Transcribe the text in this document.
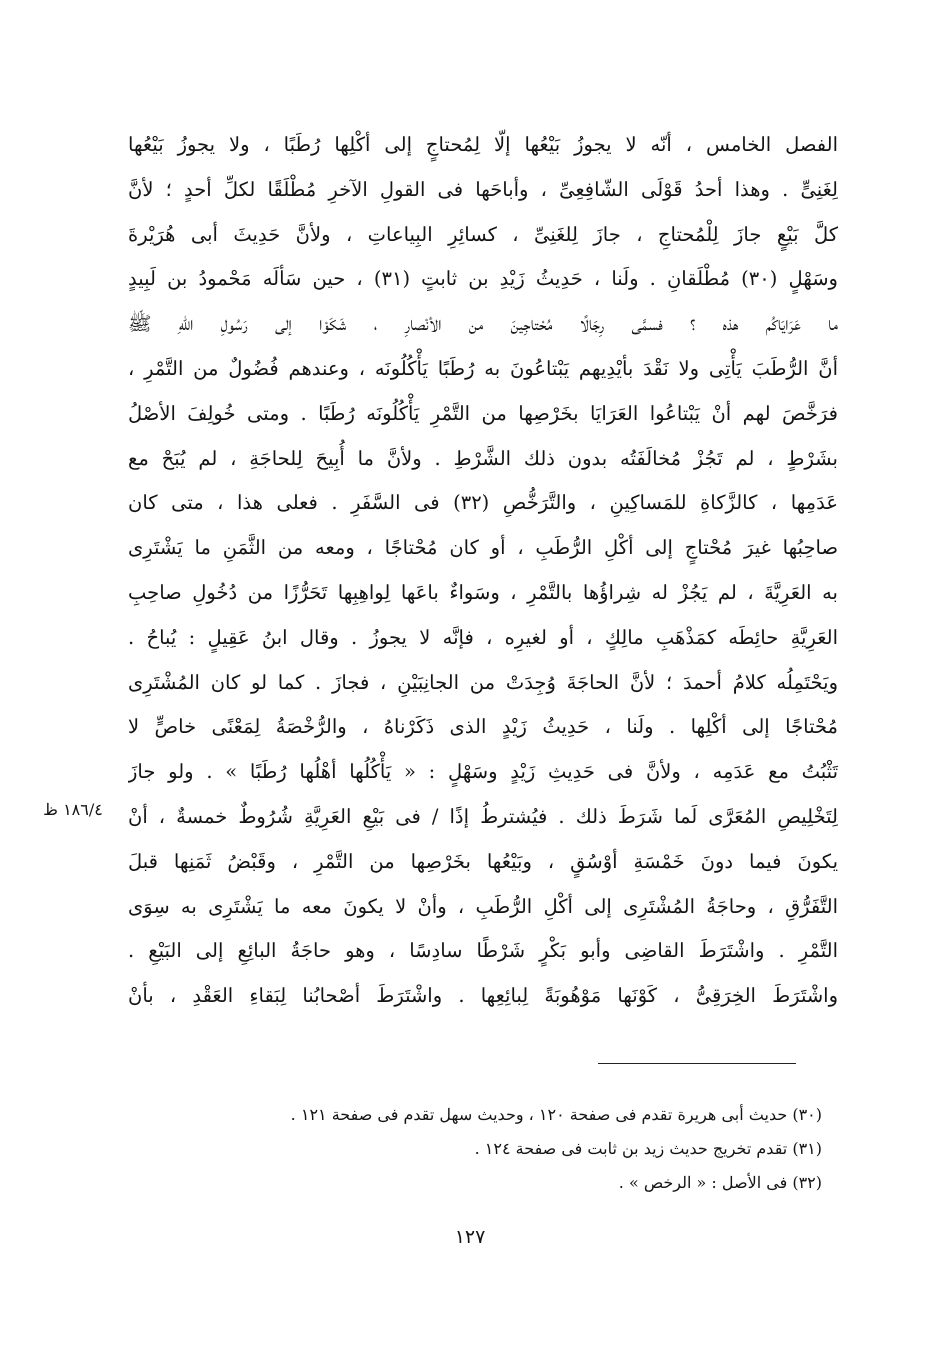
الفصل الخامس ، أنّه لا يجوزُ بَيْعُها إلّا لِمُحتاجٍ إلى أكْلِها رُطَبًا ، ولا يجوزُ بَيْعُها
لِغَنِىٍّ . وهذا أحدُ قَوْلَى الشّافِعِىِّ ، وأباحَها فى القولِ الآخرِ مُطْلَقًا لكلِّ أحدٍ ؛ لأنَّ
كلَّ بَيْعٍ جازَ لِلْمُحتاجِ ، جازَ لِلغَنِىِّ ، كسائِرِ البِياعاتِ ، ولأنَّ حَدِيثَ أبى هُرَيْرةَ
وسَهْلٍ (٣٠) مُطْلَقانِ . ولَنا ، حَدِيثُ زَيْدِ بن ثابتٍ (٣١) ، حين سَألَه مَحْمودُ بن لَبِيدٍ
ما عَرَايَاكُم هذه ؟ فسمَّى رِجَالًا مُحْتاجِينَ من الأنْصارِ ، شَكَوْا إلى رَسُولِ اللهِ ﷺ
أنَّ الرُّطَبَ يَأْتِى ولا نَقْدَ بأيْدِيهم يَبْتاعُونَ به رُطَبًا يَأْكُلُونَه ، وعندهم فُضُولٌ من التَّمْرِ ،
فرَخَّصَ لهم أنْ يَبْتاعُوا العَرَايَا بخَرْصِها من التَّمْرِ يَأْكُلُونَه رُطَبًا . ومتى خُولِفَ الأصْلُ
بشَرْطٍ ، لم تَجُزْ مُخالَفَتُه بدون ذلك الشَّرْطِ . ولأنَّ ما أُبِيحَ لِلحاجَةِ ، لم يُبَحْ مع
عَدَمِها ، كالزَّكاةِ للمَساكِينِ ، والتَّرَخُّصِ (٣٢) فى السَّفَرِ . فعلى هذا ، متى كان
صاحِبُها غيرَ مُحْتاجٍ إلى أكْلِ الرُّطَبِ ، أو كان مُحْتاجًا ، ومعه من الثَّمَنِ ما يَشْتَرِى
به العَرِيَّةَ ، لم يَجُزْ له شِراؤُها بالتَّمْرِ ، وسَواءٌ باعَها لِواهِبِها تَحَرُّزًا من دُخُولِ صاحِبِ
العَرِيَّةِ حائِطَه كمَذْهَبِ مالِكٍ ، أو لغيرِه ، فإنَّه لا يجوزُ . وقال ابنُ عَقِيلٍ : يُباحُ .
ويَحْتَمِلُه كلامُ أحمدَ ؛ لأنَّ الحاجَةَ وُجِدَتْ من الجانِبَيْنِ ، فجازَ . كما لو كان المُشْتَرِى
مُحْتاجًا إلى أكْلِها . ولَنا ، حَدِيثُ زَيْدٍ الذى ذَكَرْناهُ ، والرُّخْصَةُ لِمَعْنًى خاصٍّ لا
تَثْبُتُ مع عَدَمِه ، ولأنَّ فى حَدِيثِ زَيْدٍ وسَهْلٍ : « يَأْكُلُها أهْلُها رُطَبًا » . ولو جازَ
لِتَخْلِيصِ المُعَرَّى لَما شَرَطَ ذلك . فيُشترطُ إذًا / فى بَيْعِ العَرِيَّةِ شُرُوطٌ خمسةٌ ، أنْ
يكونَ فيما دونَ خَمْسَةِ أوْسُقٍ ، وبَيْعُها بخَرْصِها من التَّمْرِ ، وقَبْضُ ثَمَنِها قبلَ
التَّفَرُّقِ ، وحاجَةُ المُشْتَرِى إلى أكْلِ الرُّطَبِ ، وأنْ لا يكونَ معه ما يَشْتَرِى به سِوَى
التَّمْرِ . واشْتَرَطَ القاضِى وأبو بَكْرٍ شَرْطًا سادِسًا ، وهو حاجَةُ البائِعِ إلى البَيْعِ .
واشْتَرَطَ الخِرَقِىُّ ، كَوْنَها مَوْهُوبَةً لِبائِعِها . واشْتَرَطَ أصْحابُنا لِبَقاءِ العَقْدِ ، بأنْ
١٨٦/٤ ظ
(٣٠) حديث أبى هريرة تقدم فى صفحة ١٢٠ ، وحديث سهل تقدم فى صفحة ١٢١ .
(٣١) تقدم تخريج حديث زيد بن ثابت فى صفحة ١٢٤ .
(٣٢) فى الأصل : « الرخص » .
١٢٧
